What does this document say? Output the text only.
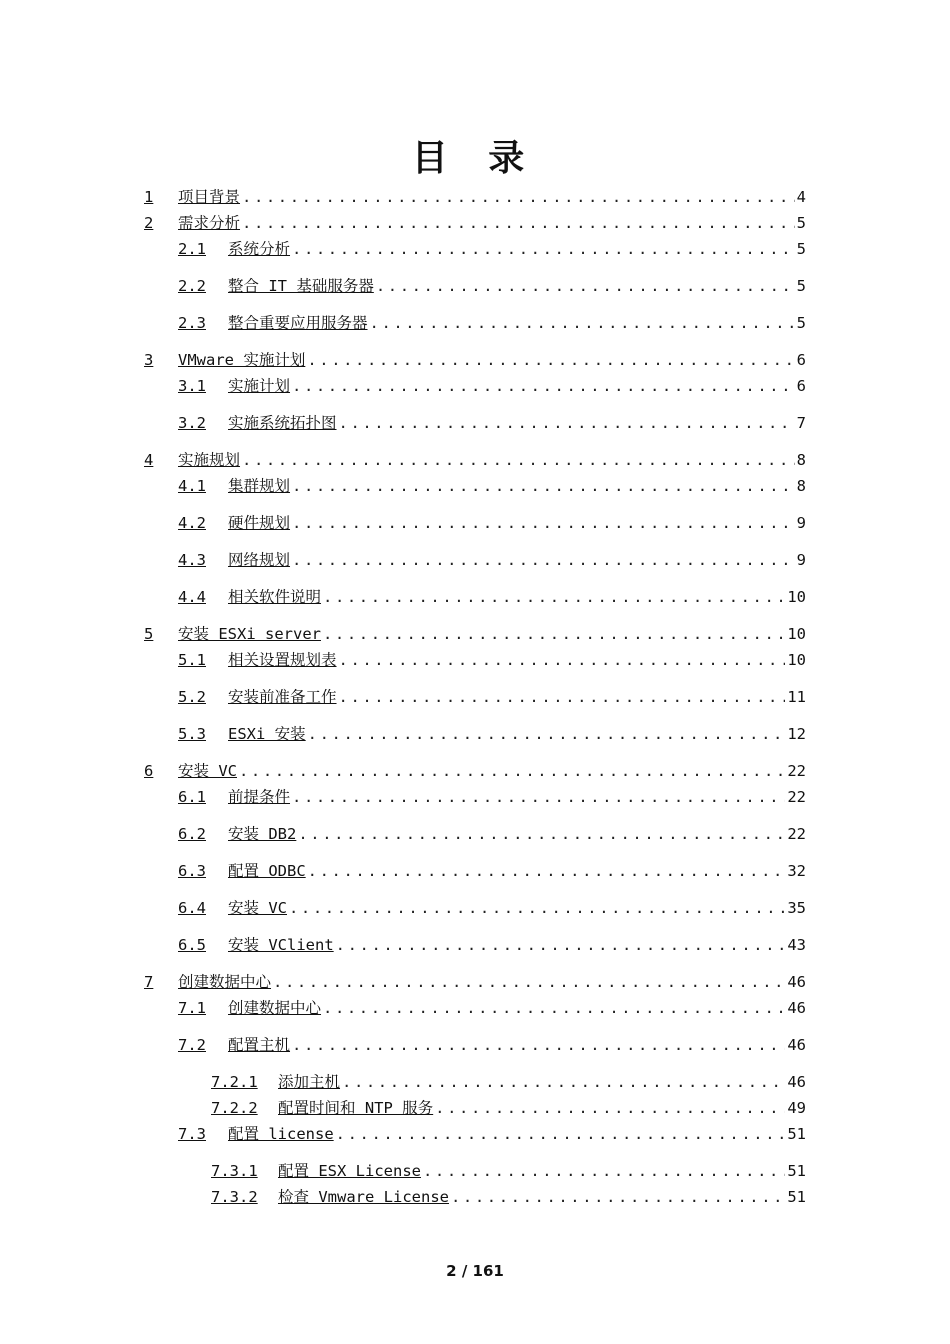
目 录
1	项目背景 .....	4
2	需求分析 .....	5
2.1	系统分析 .....	5
2.2	整合 IT 基础服务器 .....	5
2.3	整合重要应用服务器 .....	5
3	VMware 实施计划 .....	6
3.1	实施计划 .....	6
3.2	实施系统拓扑图 .....	7
4	实施规划 .....	8
4.1	集群规划 .....	8
4.2	硬件规划 .....	9
4.3	网络规划 .....	9
4.4	相关软件说明 .....	10
5	安装 ESXi server .....	10
5.1	相关设置规划表 .....	10
5.2	安装前准备工作 .....	11
5.3	ESXi 安装 .....	12
6	安装 VC .....	22
6.1	前提条件 .....	22
6.2	安装 DB2 .....	22
6.3	配置 ODBC .....	32
6.4	安装 VC .....	35
6.5	安装 VClient .....	43
7	创建数据中心 .....	46
7.1	创建数据中心 .....	46
7.2	配置主机 .....	46
7.2.1	添加主机 .....	46
7.2.2	配置时间和 NTP 服务 .....	49
7.3	配置 license .....	51
7.3.1	配置 ESX License .....	51
7.3.2	检查 Vmware License .....	51
2 / 161
